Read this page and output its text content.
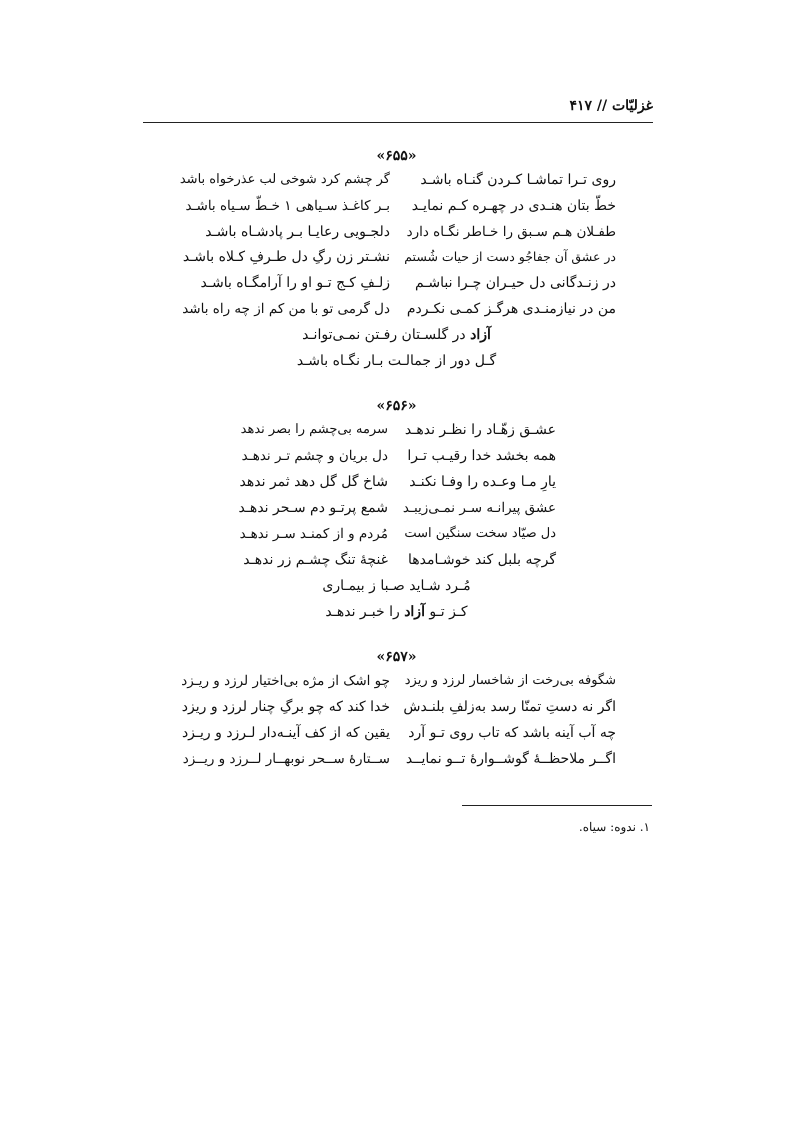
غزلیّات // ۴۱۷
«۶۵۵»
روی تـرا تماشـا کـردن گنـاه باشـد
گر چشم کرد شوخی لب عذرخواه باشد
خطّ بتان هنـدی در چهـره کـم نمایـد
بـر کاغـذ سـیاهی ۱ خـطّ سـیاه باشـد
طفـلان هـم سـبق را خـاطر نگـاه دارد
دلجـویی رعایـا بـر پادشـاه باشـد
در عشق آن جفاجُو دست از حیات شُستم
نشـتر زن رگِ دل طـرفِ کـلاه باشـد
در زنـدگانی دل حیـران چـرا نباشـم
زلـفِ کـج تـو او را آرامگـاه باشـد
من در نیازمنـدی هرگـز کمـی نکـردم
دل گرمی تو با من کم از چه راه باشد
آزاد در گلسـتان رفـتن نمـی‌توانـد
گـل دور از جمالـت بـار نگـاه باشـد
«۶۵۶»
عشـق زهّـاد را نظـر ندهـد
سرمه بی‌چشم را بصر ندهد
همه بخشد خدا رقیـب تـرا
دل بریان و چشم تـر ندهـد
یارِ مـا وعـده را وفـا نکنـد
شاخ گل گل دهد ثمر ندهد
عشق پیرانـه سـر نمـی‌زیبـد
شمع پرتـو دم سـحر ندهـد
دل صیّاد سخت سنگین است
مُردم و از کمنـد سـر ندهـد
گرچه بلبل کند خوشـامدها
غنچهٔ تنگ چشـم زر ندهـد
مُـرد شـاید صـبا ز بیمـاری
کـز تـو آزاد را خبـر ندهـد
«۶۵۷»
شگوفه بی‌رخت از شاخسار لرزد و ریزد
چو اشک از مژه بی‌اختیار لرزد و ریـزد
اگر نه دستِ تمنّا رسد به‌زلفِ بلنـدش
خدا کند که چو برگِ چنار لرزد و ریزد
چه آب آینه باشد که تاب روی تـو آرد
یقین که از کف آینـه‌دار لـرزد و ریـزد
اگــر ملاحظــهٔ گوشــوارهٔ تــو نمایــد
ســتارهٔ ســحر نوبهــار لــرزد و ریــزد
۱. ندوه: سیاه.
